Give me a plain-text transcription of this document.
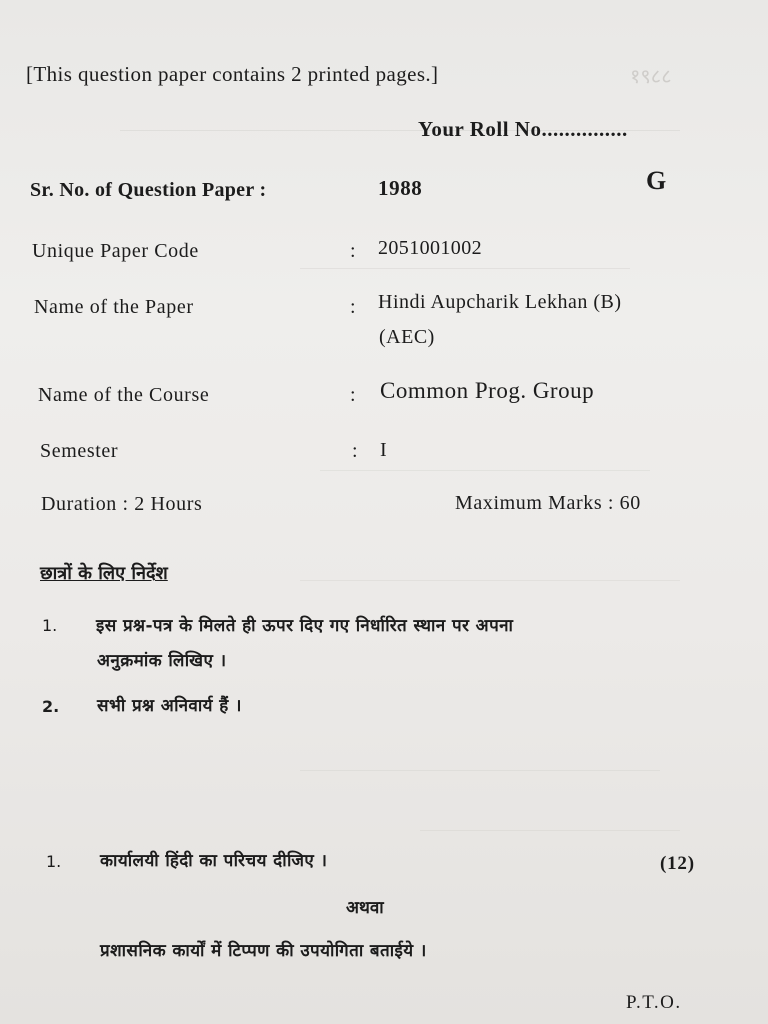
१९८८
[This question paper contains 2 printed pages.]
Your Roll No...............
G
Sr. No. of Question Paper :	1988
Unique Paper Code	: 2051001002
Name of the Paper	: Hindi Aupcharik Lekhan (B)
(AEC)
Name of the Course	: Common Prog. Group
Semester	: I
Duration : 2 Hours	Maximum Marks : 60
छात्रों के लिए निर्देश
1. इस प्रश्न-पत्र के मिलते ही ऊपर दिए गए निर्धारित स्थान पर अपना
अनुक्रमांक लिखिए ।
2. सभी प्रश्न अनिवार्य हैं ।
1. कार्यालयी हिंदी का परिचय दीजिए ।	(12)
अथवा
प्रशासनिक कार्यों में टिप्पण की उपयोगिता बताईये ।
P.T.O.
